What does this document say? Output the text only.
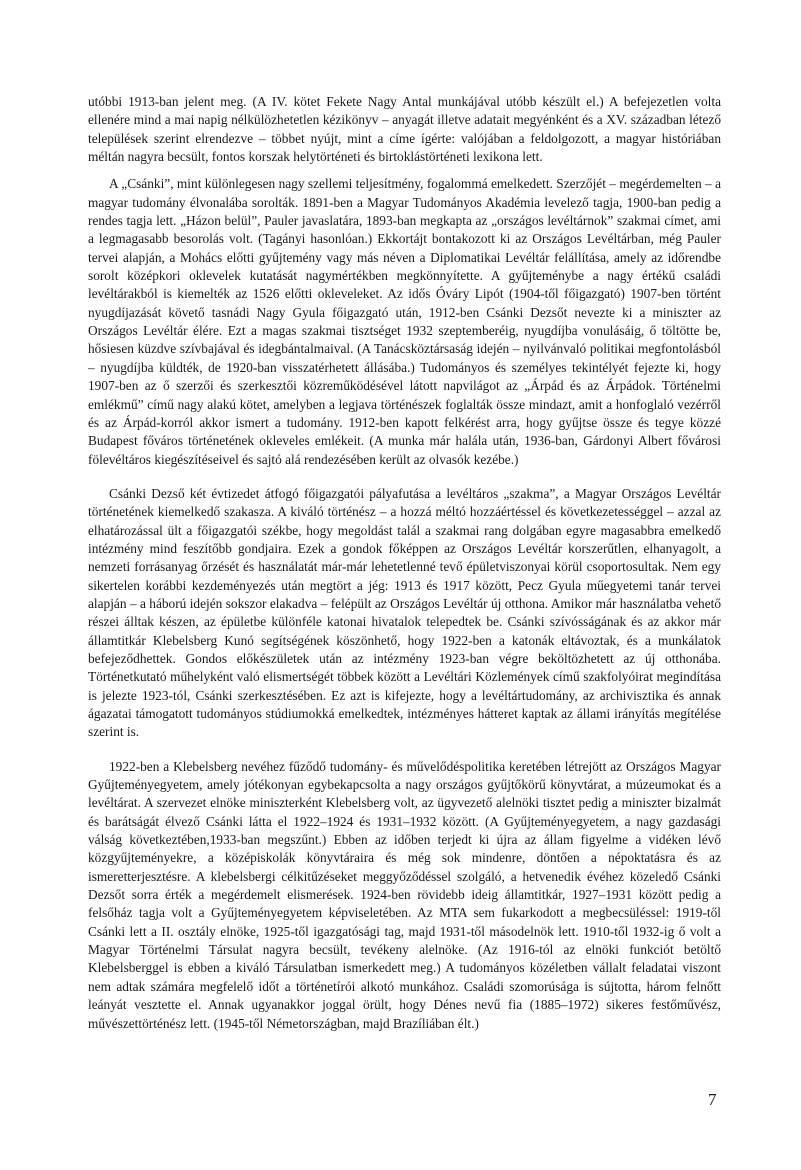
utóbbi 1913-ban jelent meg. (A IV. kötet Fekete Nagy Antal munkájával utóbb készült el.) A befejezetlen volta ellenére mind a mai napig nélkülözhetetlen kézikönyv – anyagát illetve adatait megyénként és a XV. században létező települések szerint elrendezve – többet nyújt, mint a címe ígérte: valójában a feldolgozott, a magyar históriában méltán nagyra becsült, fontos korszak helytörténeti és birtoklástörténeti lexikona lett.

A „Csánki”, mint különlegesen nagy szellemi teljesítmény, fogalommá emelkedett. Szerzőjét – megérdemelten – a magyar tudomány élvonalába sorolták. 1891-ben a Magyar Tudományos Akadémia levelező tagja, 1900-ban pedig a rendes tagja lett. „Házon belül”, Pauler javaslatára, 1893-ban megkapta az „országos levéltárnok” szakmai címet, ami a legmagasabb besorolás volt. (Tagányi hasonlóan.) Ekkortájt bontakozott ki az Országos Levéltárban, még Pauler tervei alapján, a Mohács előtti gyűjtemény vagy más néven a Diplomatikai Levéltár felállítása, amely az időrendbe sorolt középkori oklevelek kutatását nagymértékben megkönnyítette. A gyűjteménybe a nagy értékű családi levéltárakból is kiemelték az 1526 előtti okleveleket. Az idős Óváry Lipót (1904-től főigazgató) 1907-ben történt nyugdíjazását követő tasnádi Nagy Gyula főigazgató után, 1912-ben Csánki Dezsőt nevezte ki a miniszter az Országos Levéltár élére. Ezt a magas szakmai tisztséget 1932 szeptemberéig, nyugdíjba vonulásáig, ő töltötte be, hősiesen küzdve szívbajával és idegbántalmaival. (A Tanácsköztársaság idején – nyilvánvaló politikai megfontolásból – nyugdíjba küldték, de 1920-ban visszatérhetett állásába.) Tudományos és személyes tekintélyét fejezte ki, hogy 1907-ben az ő szerzői és szerkesztői közreműködésével látott napvilágot az „Árpád és az Árpádok. Történelmi emlékmű” című nagy alakú kötet, amelyben a legjava történészek foglalták össze mindazt, amit a honfoglaló vezérről és az Árpád-korról akkor ismert a tudomány. 1912-ben kapott felkérést arra, hogy gyűjtse össze és tegye közzé Budapest főváros történetének okleveles emlékeit. (A munka már halála után, 1936-ban, Gárdonyi Albert fővárosi fölevéltáros kiegészítéseivel és sajtó alá rendezésében került az olvasók kezébe.)

Csánki Dezső két évtizedet átfogó főigazgatói pályafutása a levéltáros „szakma”, a Magyar Országos Levéltár történetének kiemelkedő szakasza. A kiváló történész – a hozzá méltó hozzáértéssel és következetességgel – azzal az elhatározással ült a főigazgatói székbe, hogy megoldást talál a szakmai rang dolgában egyre magasabbra emelkedő intézmény mind feszítőbb gondjaira. Ezek a gondok főképpen az Országos Levéltár korszerűtlen, elhanyagolt, a nemzeti forrásanyag őrzését és használatát már-már lehetetlenné tevő épületviszonyai körül csoportosultak. Nem egy sikertelen korábbi kezdeményezés után megtört a jég: 1913 és 1917 között, Pecz Gyula műegyetemi tanár tervei alapján – a háború idején sokszor elakadva – felépült az Országos Levéltár új otthona. Amikor már használatba vehető részei álltak készen, az épületbe különféle katonai hivatalok telepedtek be. Csánki szívósságának és az akkor már államtitkár Klebelsberg Kunó segítségének köszönhető, hogy 1922-ben a katonák eltávoztak, és a munkálatok befejeződhettek. Gondos előkészületek után az intézmény 1923-ban végre beköltözhetett az új otthonába. Történetkutató műhelyként való elismertségét többek között a Levéltári Közlemények című szakfolyóirat megindítása is jelezte 1923-tól, Csánki szerkesztésében. Ez azt is kifejezte, hogy a levéltártudomány, az archivisztika és annak ágazatai támogatott tudományos stúdiumokká emelkedtek, intézményes hátteret kaptak az állami irányítás megítélése szerint is.

1922-ben a Klebelsberg nevéhez fűződő tudomány- és művelődéspolitika keretében létrejött az Országos Magyar Gyűjteményegyetem, amely jótékonyan egybekapcsolta a nagy országos gyűjtőkörű könyvtárat, a múzeumokat és a levéltárat. A szervezet elnöke miniszterként Klebelsberg volt, az ügyvezető alelnöki tisztet pedig a miniszter bizalmát és barátságát élvező Csánki látta el 1922–1924 és 1931–1932 között. (A Gyűjteményegyetem, a nagy gazdasági válság következtében,1933-ban megszűnt.) Ebben az időben terjedt ki újra az állam figyelme a vidéken lévő közgyűjteményekre, a középiskolák könyvtáraira és még sok mindenre, döntően a népoktatásra és az ismeretterjesztésre. A klebelsbergi célkitűzéseket meggyőződéssel szolgáló, a hetvenedik évéhez közeledő Csánki Dezsőt sorra érték a megérdemelt elismerések. 1924-ben rövidebb ideig államtitkár, 1927–1931 között pedig a felsőház tagja volt a Gyűjteményegyetem képviseletében. Az MTA sem fukarkodott a megbecsüléssel: 1919-től Csánki lett a II. osztály elnöke, 1925-től igazgatósági tag, majd 1931-től másodelnök lett. 1910-től 1932-ig ő volt a Magyar Történelmi Társulat nagyra becsült, tevékeny alelnöke. (Az 1916-tól az elnöki funkciót betöltő Klebelsberggel is ebben a kiváló Társulatban ismerkedett meg.) A tudományos közéletben vállalt feladatai viszont nem adtak számára megfelelő időt a történetírói alkotó munkához. Családi szomorúsága is sújtotta, három felnőtt leányát vesztette el. Annak ugyanakkor joggal örült, hogy Dénes nevű fia (1885–1972) sikeres festőművész, művészettörténész lett. (1945-től Németországban, majd Brazíliában élt.)

7
